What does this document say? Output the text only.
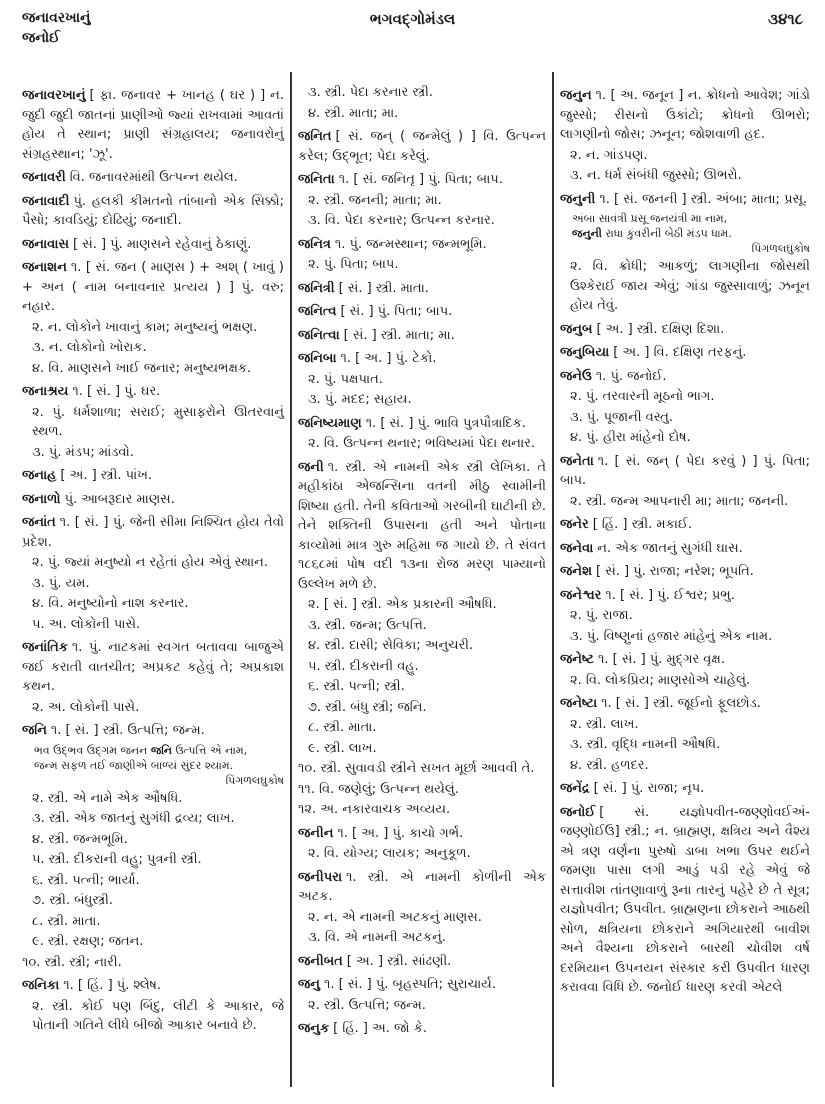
જનાવરખાનું
જનોઈ
ભગવદ્ગોમંડલ	૩૪૧૮
જનાવરખાનું [ ફા. જનાવર + ખાનહ ( ઘર ) ] ન. જુદી જુદી જાતનાં પ્રાણીઓ જ્યાં રાખવામાં આવતાં હોય તે સ્થાન; પ્રાણી સંગ્રહાલય; જનાવરોનું સંગ્રહસ્થાન; 'ઝૂ'.
જનાવરી વિ. જનાવરમાંથી ઉત્પન્ન થયેલ.
જનાવાદી પું. હલકી કીમતનો તાંબાનો એક સિક્કો; પૈસો; કાવડિયું; દોઢિયું; જનાદી.
જનાવાસ [ સં. ] પું. માણસને રહેવાનું ઠેકાણું.
જનાશન ૧. [ સં. જન ( માણસ ) + અશ્ ( ખાવું ) + અન ( નામ બનાવનાર પ્રત્યય ) ] પું. વરુ; નહાર.
૨. ન. લોકોને ખાવાનું કામ; મનુષ્યનું ભક્ષણ.
૩. ન. લોકોનો ખોરાક.
૪. વિ. માણસને ખાઈ જનાર; મનુષ્યભક્ષક.
જનાશ્રય ૧. [ સં. ] પું. ઘર.
૨. પું. ધર્મશાળા; સરાઈ; મુસાફરોને ઊતરવાનું સ્થળ.
૩. પું. મંડપ; માંડવો.
જનાહ [ અ. ] સ્ત્રી. પાંખ.
જનાળો પું. આબરૂદાર માણસ.
જનાંત ૧. [ સં. ] પું. જેની સીમા નિશ્ચિત હોય તેવો પ્રદેશ.
૨. પું. જ્યાં મનુષ્યો ન રહેતાં હોય એવું સ્થાન.
૩. પું. યમ.
૪. વિ. મનુષ્યોનો નાશ કરનાર.
૫. અ. લોકોની પાસે.
જનાંતિક ૧. પું. નાટકમાં સ્વગત બતાવવા બાજુએ જઈ કરાતી વાતચીત; અપ્રકટ કહેવું તે; અપ્રકાશ કથન.
૨. અ. લોકોની પાસે.
જનિ ૧. [ સં. ] સ્ત્રી. ઉત્પત્તિ; જન્મ.
ભવ ઉદ્ભવ ઉદ્ગમ જનન જનિ ઉત્પત્તિ એ નામ,
જન્મ સફળ તઈ જાણીએ બાળ્યં સુંદર શ્યામ.
પિંગળલઘુકોષ
૨. સ્ત્રી. એ નામે એક ઔષધિ.
૩. સ્ત્રી. એક જાતનું સુગંધી દ્રવ્ય; લાખ.
૪. સ્ત્રી. જન્મભૂમિ.
૫. સ્ત્રી. દીકરાની વહુ; પુત્રની સ્ત્રી.
૬. સ્ત્રી. પત્ની; ભાર્યા.
૭. સ્ત્રી. બંધુસ્ત્રી.
૮. સ્ત્રી. માતા.
૯. સ્ત્રી. રક્ષણ; જતન.
૧૦. સ્ત્રી. સ્ત્રી; નારી.
જનિકા ૧. [ હિં. ] પું. શ્લેષ.
૨. સ્ત્રી. કોઈ પણ બિંદુ, લીટી કે આકાર, જે પોતાની ગતિને લીધે બીજો આકાર બનાવે છે.
૩. સ્ત્રી. પેદા કરનાર સ્ત્રી.
૪. સ્ત્રી. માતા; મા.
જનિત [ સં. જન્ ( જન્મેલું ) ] વિ. ઉત્પન્ન કરેલ; ઉદ્ભૂત; પેદા કરેલું.
જનિતા ૧. [ સં. જનિતૃ ] પું. પિતા; બાપ.
૨. સ્ત્રી. જનની; માતા; મા.
૩. વિ. પેદા કરનાર; ઉત્પન્ન કરનાર.
જનિત્ર ૧. પું. જન્મસ્થાન; જન્મભૂમિ.
૨. પું. પિતા; બાપ.
જનિત્રી [ સં. ] સ્ત્રી. માતા.
જનિત્વ [ સં. ] પું. પિતા; બાપ.
જનિત્વા [ સં. ] સ્ત્રી. માતા; મા.
જનિબા ૧. [ અ. ] પું. ટેકો.
૨. પું. પક્ષપાત.
૩. પું. મદદ; સહાય.
જનિષ્યમાણ ૧. [ સં. ] પું. ભાવિ પુત્રપૌત્રાદિક.
૨. વિ. ઉત્પન્ન થનાર; ભવિષ્યમાં પેદા થનાર.
જની ૧. સ્ત્રી. એ નામની એક સ્ત્રી લેખિકા. તે મહીકાંઠા એજન્સિના વતની મીઠુ સ્વામીની શિષ્યા હતી. તેની કવિતાઓ ગરબીની ઘાટીની છે. તેને શક્તિની ઉપાસના હતી અને પોતાના કાવ્યોમાં માત્ર ગુરુ મહિમા જ ગાયો છે. તે સંવત ૧૮૬૮માં પોષ વદી ૧૩ના રોજ મરણ પામ્યાનો ઉલ્લેખ મળે છે.
૨. [ સં. ] સ્ત્રી. એક પ્રકારની ઔષધિ.
૩. સ્ત્રી. જન્મ; ઉત્પત્તિ.
૪. સ્ત્રી. દાસી; સેવિકા; અનુચરી.
૫. સ્ત્રી. દીકરાની વહુ.
૬. સ્ત્રી. પત્ની; સ્ત્રી.
૭. સ્ત્રી. બંધુ સ્ત્રી; જનિ.
૮. સ્ત્રી. માતા.
૯. સ્ત્રી. લાખ.
૧૦. સ્ત્રી. સુવાવડી સ્ત્રીને સખત મૂર્છા આવવી તે.
૧૧. વિ. જણેલું; ઉત્પન્ન થયેલું.
૧૨. અ. નકારવાચક અવ્યય.
જનીન ૧. [ અ. ] પું. કાચો ગર્ભ.
૨. વિ. યોગ્ય; લાયક; અનુકૂળ.
જનીપરા ૧. સ્ત્રી. એ નામની કોળીની એક અટક.
૨. ન. એ નામની અટકનું માણસ.
૩. વિ. એ નામની અટકનું.
જનીબત [ અ. ] સ્ત્રી. સાંઢણી.
જનુ ૧. [ સં. ] પું. બૃહસ્પતિ; સુરાચાર્ય.
૨. સ્ત્રી. ઉત્પત્તિ; જન્મ.
જનુક [ હિં. ] અ. જો કે.
જનુન ૧. [ અ. જનૂન ] ન. ક્રોધનો આવેશ; ગાંડો જુસ્સો; રીસનો ઉકાંટો; ક્રોધનો ઊભરો; લાગણીનો જોસ; ઝનૂન; જોશવાળી હદ.
૨. ન. ગાંડપણ.
૩. ન. ધર્મ સંબંધી જુસ્સો; ઊભરો.
જનુની ૧. [ સં. જનની ] સ્ત્રી. અંબા; માતા; પ્રસૂ.
અંબા સાવંત્રી પ્રસૂ જનયંત્રી મા નામ,
જનુની રાધા કુંવરીની બેઠી મંડપ ધામ.
પિંગળલઘુકોષ
૨. વિ. ક્રોધી; આકળું; લાગણીના જોસથી ઉશ્કેરાઈ જાય એવું; ગાંડા જુસ્સાવાળું; ઝનૂન હોય તેવું.
જનુબ [ અ. ] સ્ત્રી. દક્ષિણ દિશા.
જનુબિયા [ અ. ] વિ. દક્ષિણ તરફનું.
જનેઉ ૧. પું. જનોઈ.
૨. પું. તરવારની મૂઠનો ભાગ.
૩. પું. પૂજાની વસ્તુ.
૪. પું. હીરા માંહેનો દોષ.
જનેતા ૧. [ સં. જન્ ( પેદા કરવું ) ] પું. પિતા; બાપ.
૨. સ્ત્રી. જન્મ આપનારી મા; માતા; જનની.
જનેર [ હિં. ] સ્ત્રી. મકાઈ.
જનેવા ન. એક જાતનું સુગંધી ઘાસ.
જનેશ [ સં. ] પું. રાજા; નરેશ; ભૂપતિ.
જનેશ્વર ૧. [ સં. ] પું. ઈશ્વર; પ્રભુ.
૨. પું. રાજા.
૩. પું. વિષ્ણુનાં હજાર માંહેનું એક નામ.
જનેષ્ટ ૧. [ સં. ] પું. મુદ્ગર વૃક્ષ.
૨. વિ. લોકપ્રિય; માણસોએ ચાહેલું.
જનેષ્ટા ૧. [ સં. ] સ્ત્રી. જૂઈનો ફૂલછોડ.
૨. સ્ત્રી. લાખ.
૩. સ્ત્રી. વૃદ્ધિ નામની ઔષધિ.
૪. સ્ત્રી. હળદર.
જનેંદ્ર [ સં. ] પું. રાજા; નૃપ.
જનોઈ [ સં. યજ્ઞોપવીત-જણ્ણોવઈઅં-જણ્ણોઈઉ] સ્ત્રી.; ન. બ્રાહ્મણ, ક્ષત્રિય અને વૈશ્ય એ ત્રણ વર્ણના પુરુષો ડાબા ખભા ઉપર થઈને જમણા પાસા લગી આડું પડી રહે એવું જે સત્તાવીશ તાંતણાવાળું રૂના તારનું પહેરે છે તે સૂત્ર; યજ્ઞોપવીત; ઉપવીત. બ્રાહ્મણના છોકરાને આઠથી સોળ, ક્ષત્રિયના છોકરાને અગિયારથી બાવીશ અને વૈશ્યના છોકરાને બારથી ચોવીશ વર્ષ દરમિયાન ઉપનયન સંસ્કાર કરી ઉપવીત ધારણ કરાવવા વિધિ છે. જનોઈ ધારણ કરવી એટલે
